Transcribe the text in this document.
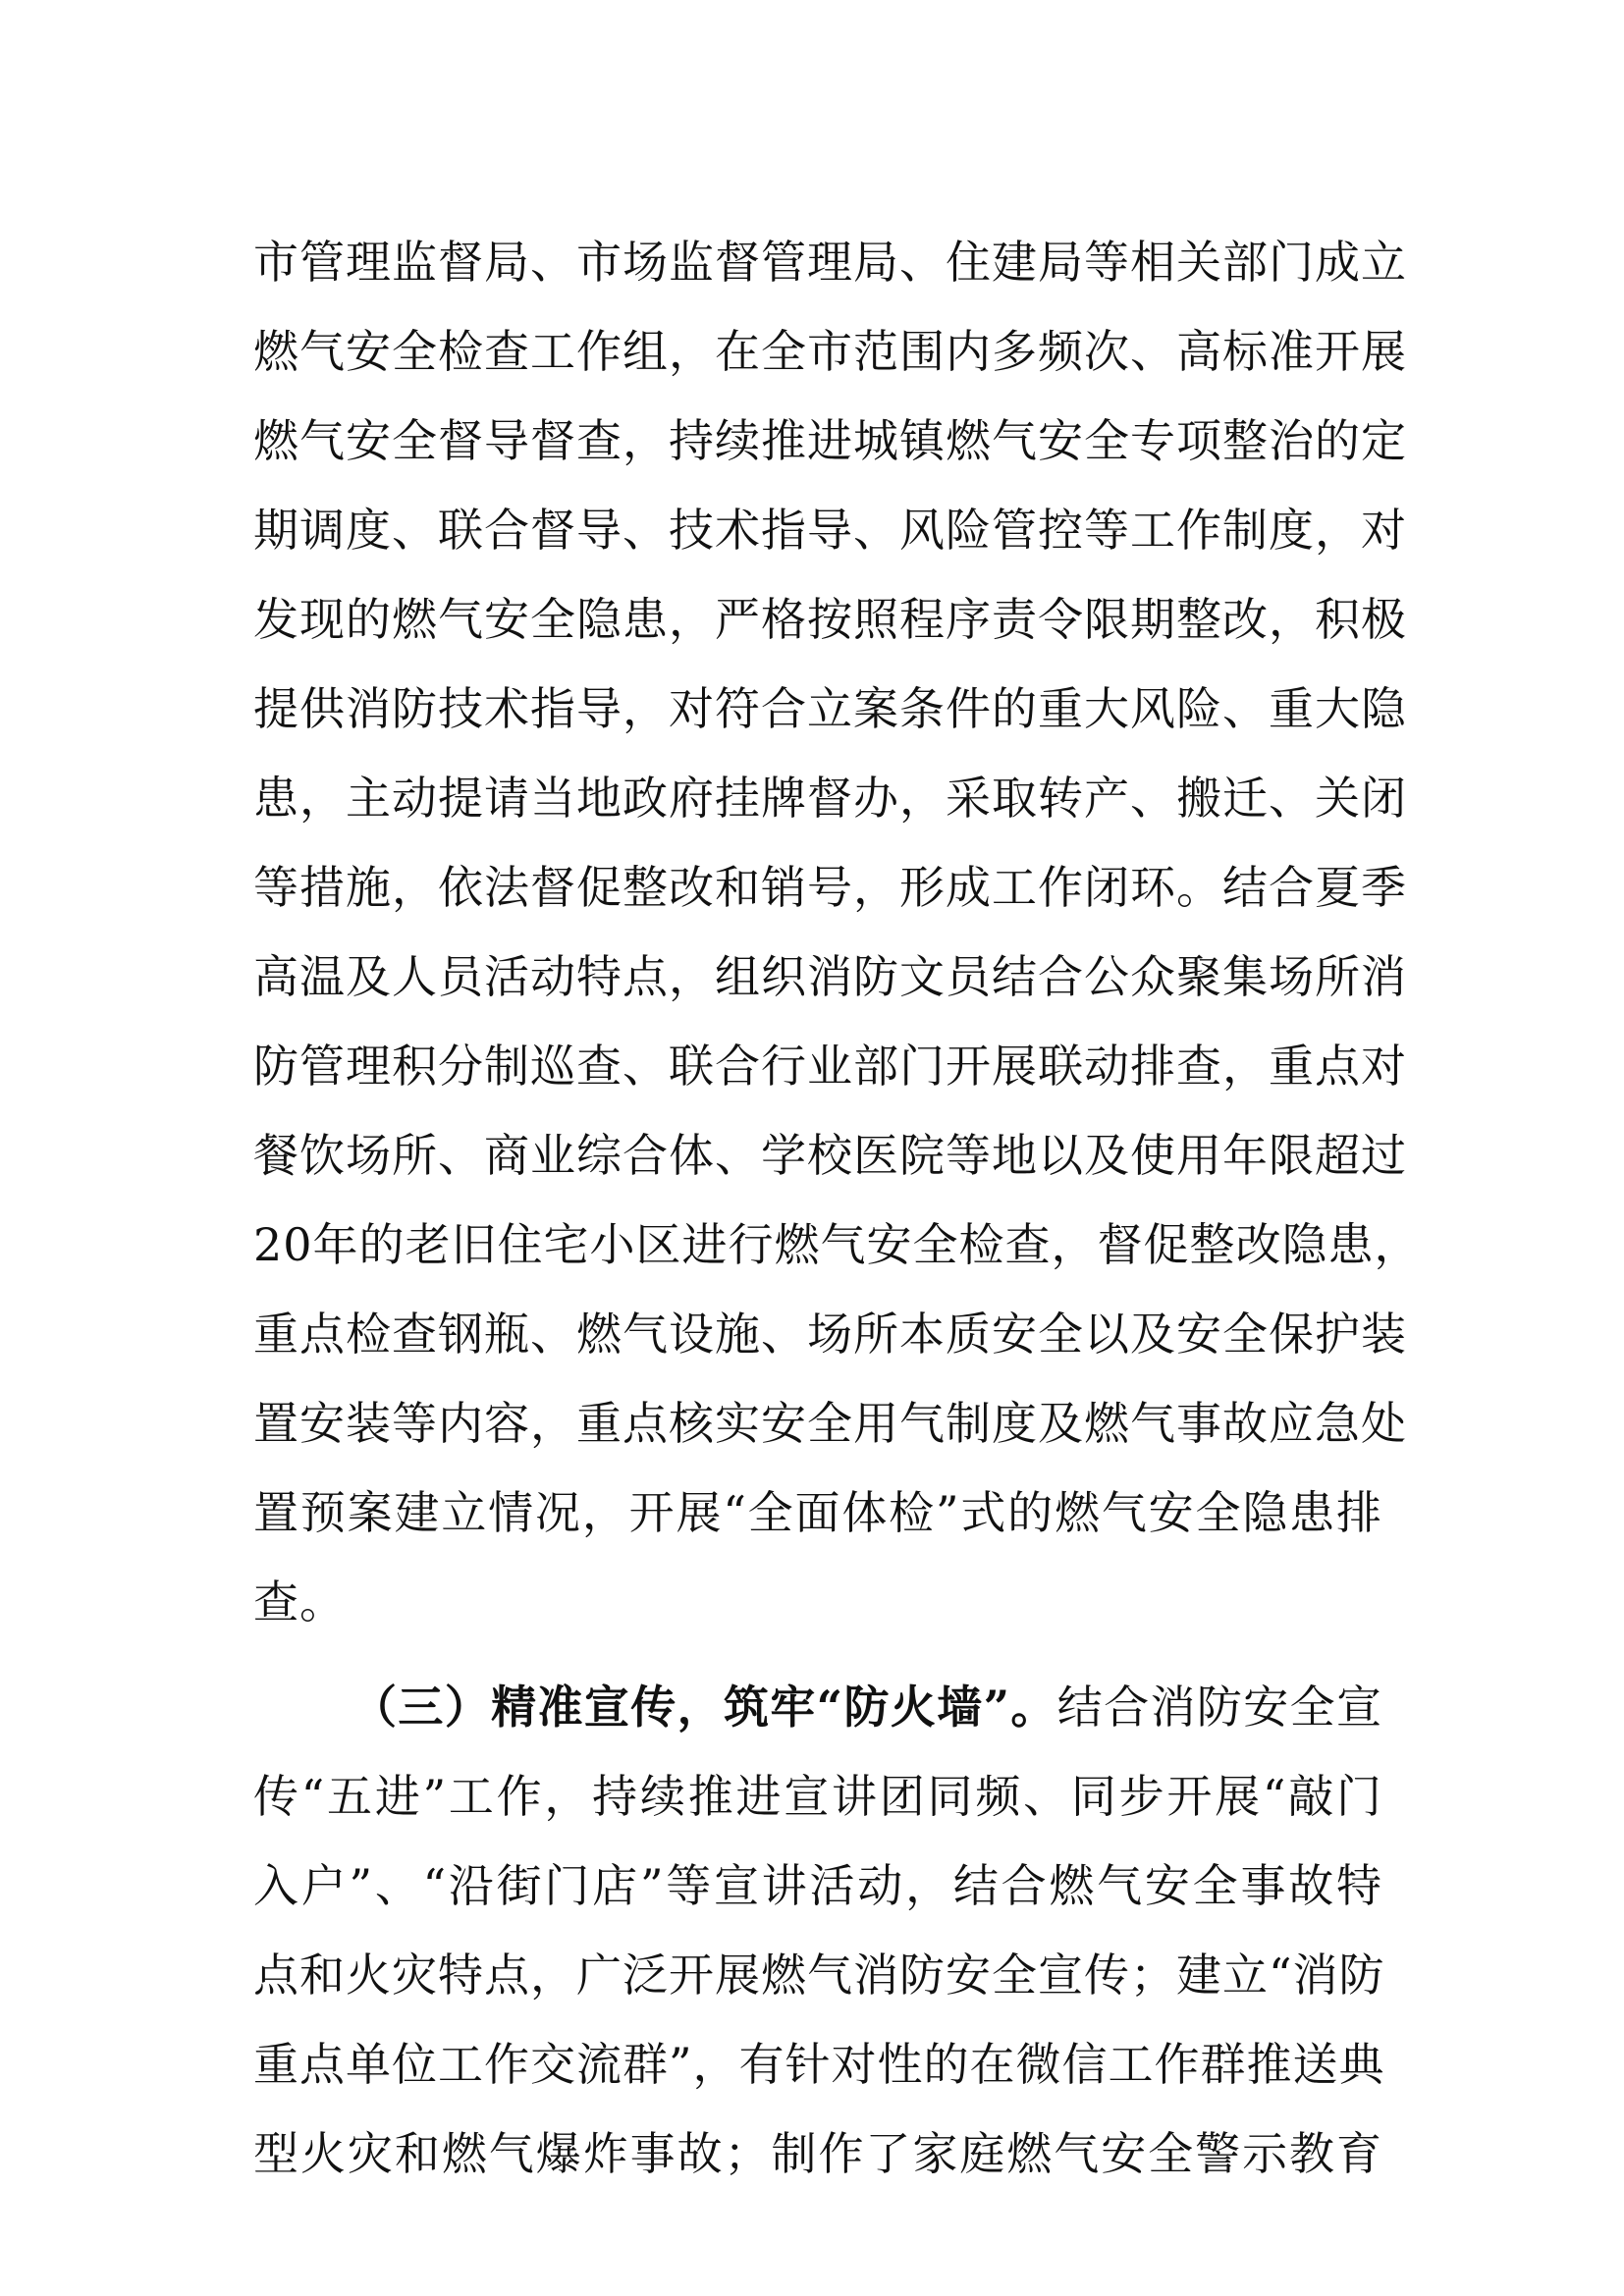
市管理监督局、市场监督管理局、住建局等相关部门成立
燃气安全检查工作组，在全市范围内多频次、高标准开展
燃气安全督导督查，持续推进城镇燃气安全专项整治的定
期调度、联合督导、技术指导、风险管控等工作制度，对
发现的燃气安全隐患，严格按照程序责令限期整改，积极
提供消防技术指导，对符合立案条件的重大风险、重大隐
患，主动提请当地政府挂牌督办，采取转产、搬迁、关闭
等措施，依法督促整改和销号，形成工作闭环。结合夏季
高温及人员活动特点，组织消防文员结合公众聚集场所消
防管理积分制巡查、联合行业部门开展联动排查，重点对
餐饮场所、商业综合体、学校医院等地以及使用年限超过
20年的老旧住宅小区进行燃气安全检查，督促整改隐患，
重点检查钢瓶、燃气设施、场所本质安全以及安全保护装
置安装等内容，重点核实安全用气制度及燃气事故应急处
置预案建立情况，开展“全面体检”式的燃气安全隐患排
查。
（三）精准宣传，筑牢“防火墙”。结合消防安全宣
传“五进”工作，持续推进宣讲团同频、同步开展“敲门
入户”、“沿街门店”等宣讲活动，结合燃气安全事故特
点和火灾特点，广泛开展燃气消防安全宣传；建立“消防
重点单位工作交流群”，有针对性的在微信工作群推送典
型火灾和燃气爆炸事故；制作了家庭燃气安全警示教育
